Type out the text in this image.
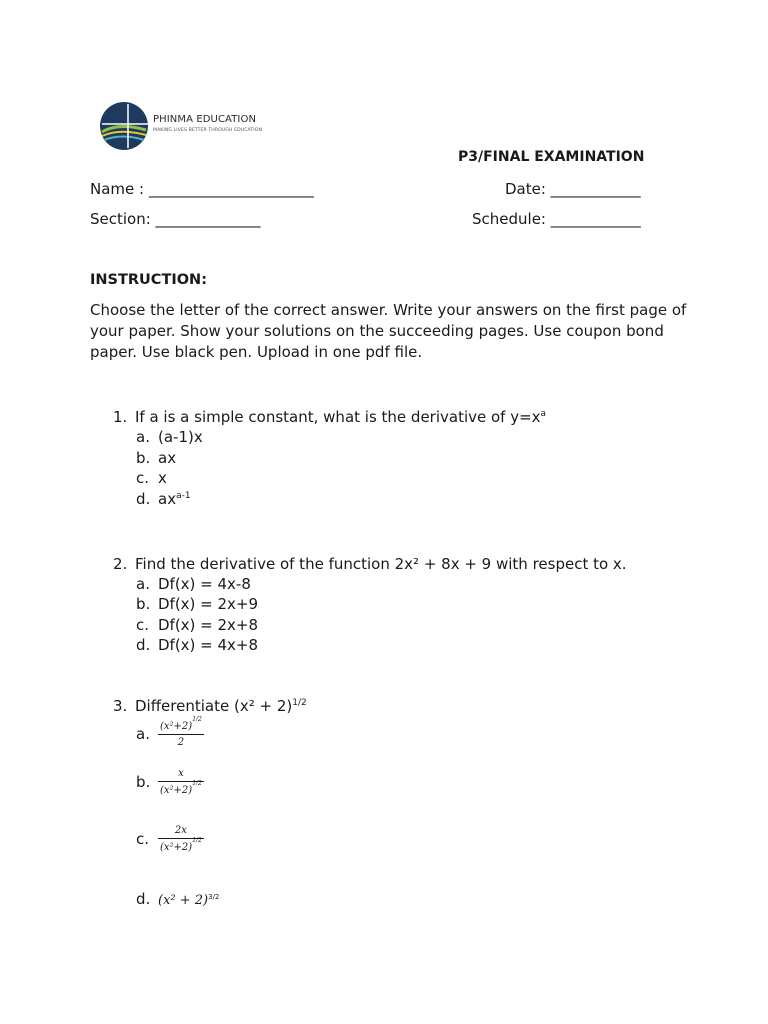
PHINMA EDUCATION
MAKING LIVES BETTER THROUGH EDUCATION
P3/FINAL EXAMINATION
Name : ______________________	Date: ____________
Section: ______________	Schedule: ____________
INSTRUCTION:
Choose the letter of the correct answer. Write your answers on the first page of your paper. Show your solutions on the succeeding pages. Use coupon bond paper. Use black pen. Upload in one pdf file.
1. If a is a simple constant, what is the derivative of $y=x^a$
a. (a-1)x
b. ax
c. x
d. $ax^{a-1}$
2. Find the derivative of the function 2x² + 8x + 9 with respect to x.
a. Df(x) = 4x-8
b. Df(x) = 2x+9
c. Df(x) = 2x+8
d. Df(x) = 4x+8
3. Differentiate $(x^2 + 2)^{1/2}$
a. $\frac{(x^2+2)^{1/2}}{2}$
b. $\frac{x}{(x^2+2)^{1/2}}$
c. $\frac{2x}{(x^2+2)^{1/2}}$
d. $(x^2 + 2)^{3/2}$
